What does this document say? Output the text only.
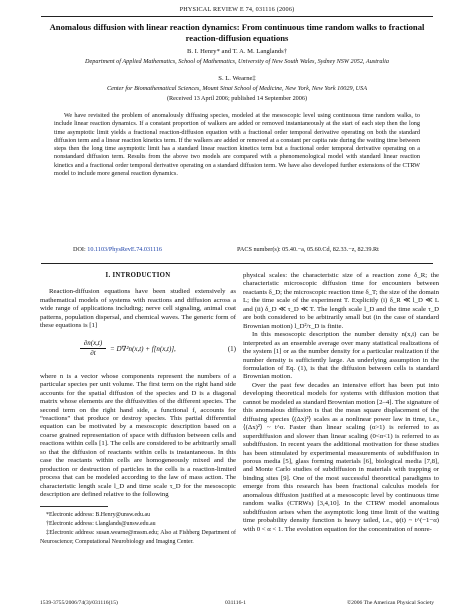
PHYSICAL REVIEW E 74, 031116 (2006)
Anomalous diffusion with linear reaction dynamics: From continuous time random walks to fractional reaction-diffusion equations
B. I. Henry* and T. A. M. Langlands†
Department of Applied Mathematics, School of Mathematics, University of New South Wales, Sydney NSW 2052, Australia
S. L. Wearne‡
Center for Biomathematical Sciences, Mount Sinai School of Medicine, New York, New York 10029, USA
(Received 13 April 2006; published 14 September 2006)
We have revisited the problem of anomalously diffusing species, modeled at the mesoscopic level using continuous time random walks, to include linear reaction dynamics. If a constant proportion of walkers are added or removed instantaneously at the start of each step then the long time asymptotic limit yields a fractional reaction-diffusion equation with a fractional order temporal derivative operating on both the standard diffusion term and a linear reaction kinetics term. If the walkers are added or removed at a constant per capita rate during the waiting time between steps then the long time asymptotic limit has a standard linear reaction kinetics term but a fractional order temporal derivative operating on a nonstandard diffusion term. Results from the above two models are compared with a phenomenological model with standard linear reaction kinetics and a fractional order temporal derivative operating on a standard diffusion term. We have also developed further extensions of the CTRW model to include more general reaction dynamics.
DOI: 10.1103/PhysRevE.74.031116	PACS number(s): 05.40.−a, 05.60.Cd, 82.33.−z, 82.39.Rt
I. INTRODUCTION

Reaction-diffusion equations have been studied extensively as mathematical models of systems with reactions and diffusion across a wide range of applications including; nerve cell signaling, animal coat patterns, population dispersal, and chemical waves. The generic form of these equations is [1]

$\frac{\partial n(x,t)}{\partial t} = D\nabla^2n(x,t) + f[n(x,t)]$,	(1)

where n is a vector whose components represent the numbers of a particular species per unit volume. The first term on the right hand side accounts for the spatial diffusion of the species and D is a diagonal matrix whose elements are the diffusivities of the different species. The second term on the right hand side, a functional f, accounts for “reactions” that produce or destroy species. This partial differential equation can be motivated by a mesoscopic description based on a coarse grained representation of space with diffusion between cells and reactions within cells [1]. The cells are considered to be arbitrarily small so that the diffusion of reactants within cells is instantaneous. In this case the reactants within cells are homogeneously mixed and the production or destruction of particles in the cells is a reaction-limited process that can be modeled according to the law of mass action. The characteristic length scale l_D and time scale τ_D for the mesoscopic description are defined relative to the following

*Electronic address: B.Henry@unsw.edu.au

†Electronic address: t.langlands@unsw.edu.au

‡Electronic address: susan.wearne@mssm.edu; Also at Fishberg Department of Neuroscience; Computational Neurobiology and Imaging Center.

physical scales: the characteristic size of a reaction zone δ_R; the characteristic microscopic diffusion time for encounters between reactants δ_D; the microscopic reaction time δ_T; the size of the domain L; the time scale of the experiment T. Explicitly (i) δ_R ≪ l_D ≪ L and (ii) δ_D ≪ τ_D ≪ T. The length scale l_D and the time scale τ_D are both considered to be arbitrarily small but (in the case of standard Brownian motion) l_D²/τ_D is finite.

In this mesoscopic description the number density n(x,t) can be interpreted as an ensemble average over many statistical realizations of the system [1] or as the number density for a particular realization if the number density is sufficiently large. An underlying assumption in the formulation of Eq. (1), is that the diffusion between cells is standard Brownian motion.

Over the past few decades an intensive effort has been put into developing theoretical models for systems with diffusion motion that cannot be modeled as standard Brownian motion [2–4]. The signature of this anomalous diffusion is that the mean square displacement of the diffusing species ⟨(Δx)²⟩ scales as a nonlinear power law in time, i.e., ⟨(Δx)²⟩ ~ t^α. Faster than linear scaling (α>1) is referred to as superdiffusion and slower than linear scaling (0<α<1) is referred to as subdiffusion. In recent years the additional motivation for these studies has been stimulated by experimental measurements of subdiffusion in porous media [5], glass forming materials [6], biological media [7,8], and Monte Carlo studies of subdiffusion in materials with trapping or binding sites [9]. One of the most successful theoretical paradigms to emerge from this research has been fractional calculus models for anomalous diffusion justified at a mesoscopic level by continuous time random walks (CTRWs) [3,4,10]. In the CTRW model anomalous subdiffusion arises when the asymptotic long time limit of the waiting time probability density function is heavy tailed, i.e., ψ(t) ~ t^(−1−α) with 0 < α < 1. The evolution equation for the concentration of nonre-

1539-3755/2006/74(3)/031116(15)	031116-1	©2006 The American Physical Society
